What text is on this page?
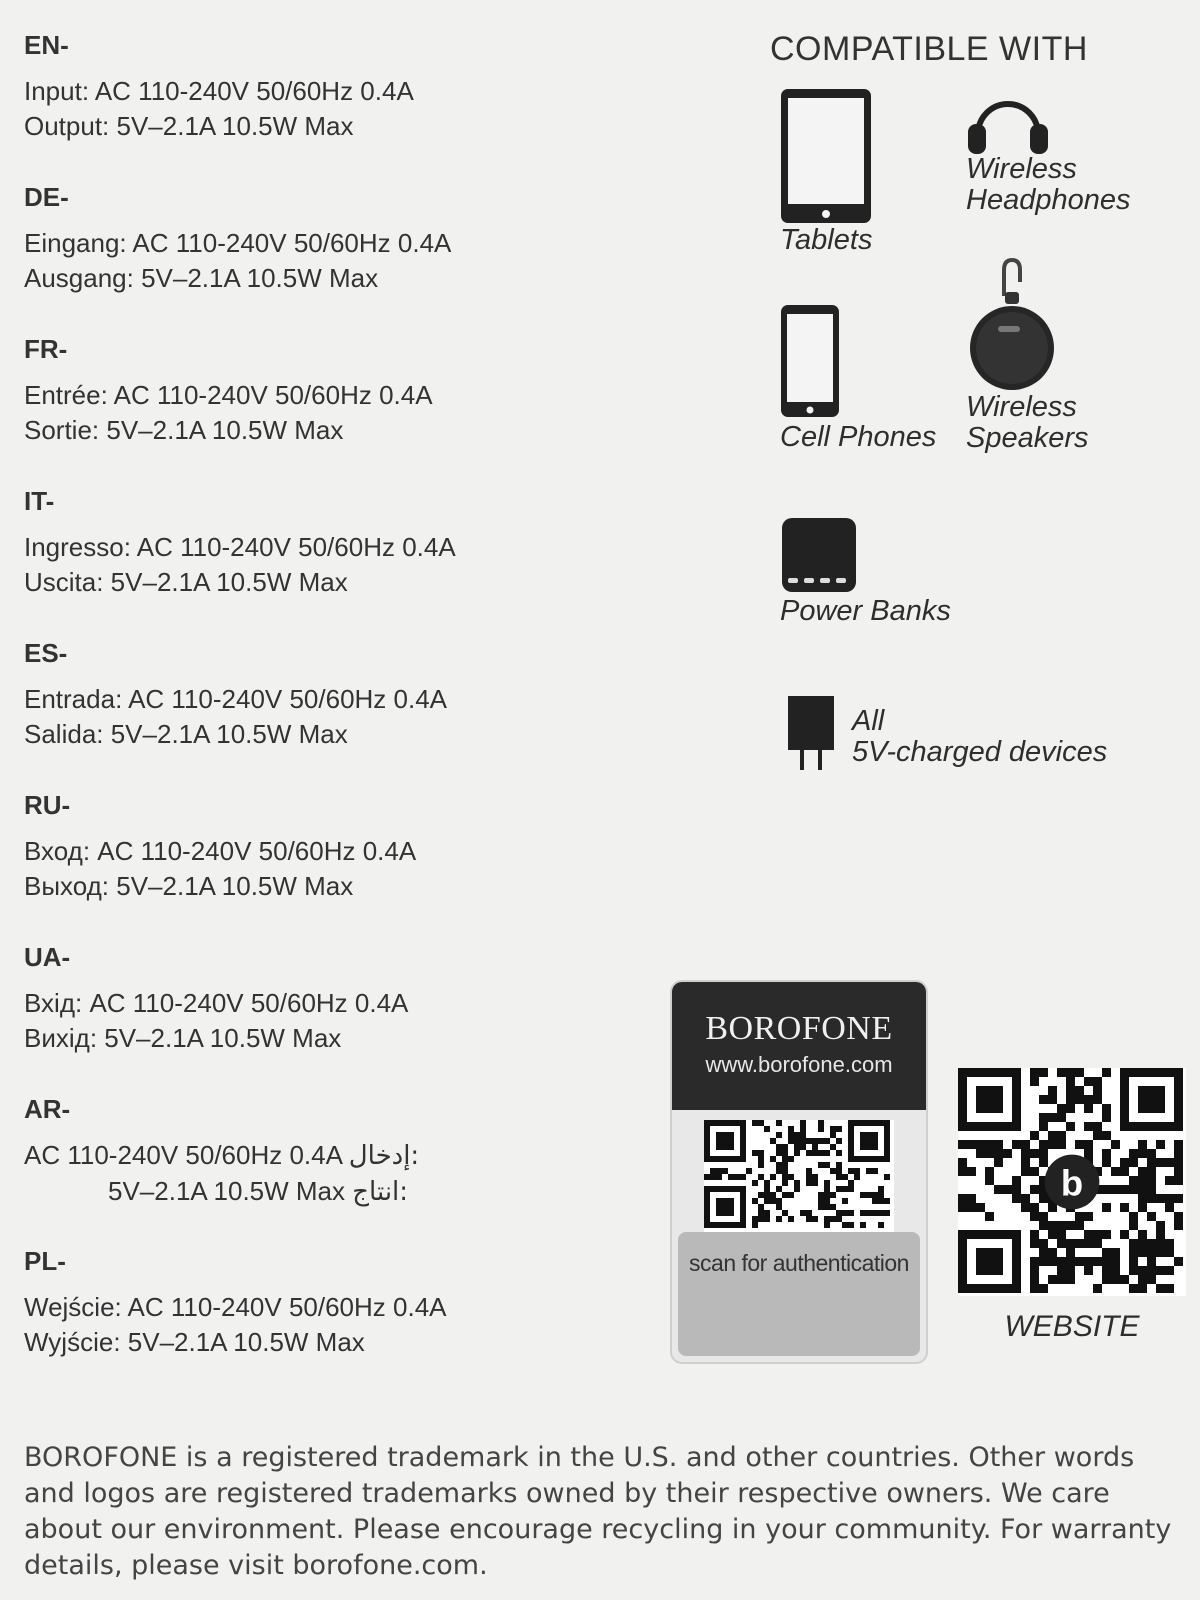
EN-
Input: AC 110-240V 50/60Hz 0.4A
Output: 5V–2.1A 10.5W Max
DE-
Eingang: AC 110-240V 50/60Hz 0.4A
Ausgang: 5V–2.1A 10.5W Max
FR-
Entrée: AC 110-240V 50/60Hz 0.4A
Sortie: 5V–2.1A 10.5W Max
IT-
Ingresso: AC 110-240V 50/60Hz 0.4A
Uscita: 5V–2.1A 10.5W Max
ES-
Entrada: AC 110-240V 50/60Hz 0.4A
Salida: 5V–2.1A 10.5W Max
RU-
Вход: AC 110-240V 50/60Hz 0.4A
Выход: 5V–2.1A 10.5W Max
UA-
Вхід: AC 110-240V 50/60Hz 0.4A
Вихід: 5V–2.1A 10.5W Max
AR-
AC 110-240V 50/60Hz 0.4A :إدخال
5V–2.1A 10.5W Max :انتاج
PL-
Wejście: AC 110-240V 50/60Hz 0.4A
Wyjście: 5V–2.1A 10.5W Max
COMPATIBLE WITH
Tablets
Wireless
Headphones
Cell Phones
Wireless
Speakers
Power Banks
All
5V-charged devices
BOROFONE
www.borofone.com
scan for authentication
b
WEBSITE
BOROFONE is a registered trademark in the U.S. and other countries. Other words and logos are registered trademarks owned by their respective owners. We care about our environment. Please encourage recycling in your community. For warranty details, please visit borofone.com.
